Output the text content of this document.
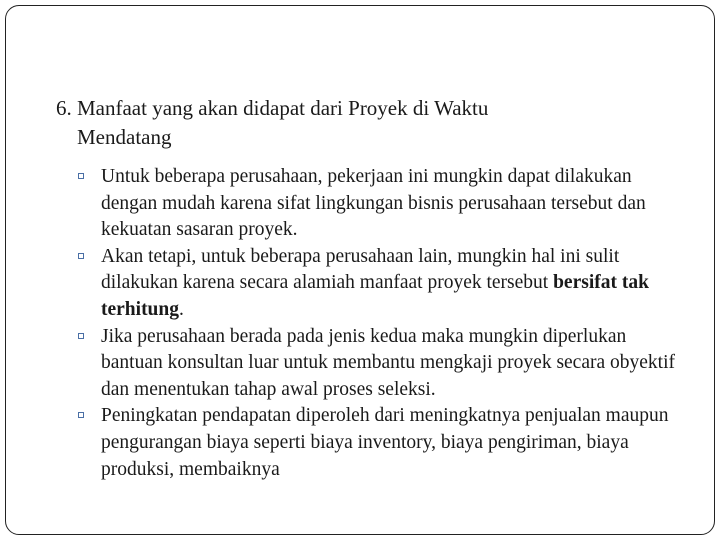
6. Manfaat yang akan didapat dari Proyek di Waktu
Mendatang

Untuk beberapa perusahaan, pekerjaan ini mungkin dapat dilakukan dengan mudah karena sifat lingkungan bisnis perusahaan tersebut dan kekuatan sasaran proyek.
Akan tetapi, untuk beberapa perusahaan lain, mungkin hal ini sulit dilakukan karena secara alamiah manfaat proyek tersebut bersifat tak terhitung.
Jika perusahaan berada pada jenis kedua maka mungkin diperlukan bantuan konsultan luar untuk membantu mengkaji proyek secara obyektif dan menentukan tahap awal proses seleksi.
Peningkatan pendapatan diperoleh dari meningkatnya penjualan maupun pengurangan biaya seperti biaya inventory, biaya pengiriman, biaya produksi, membaiknya
